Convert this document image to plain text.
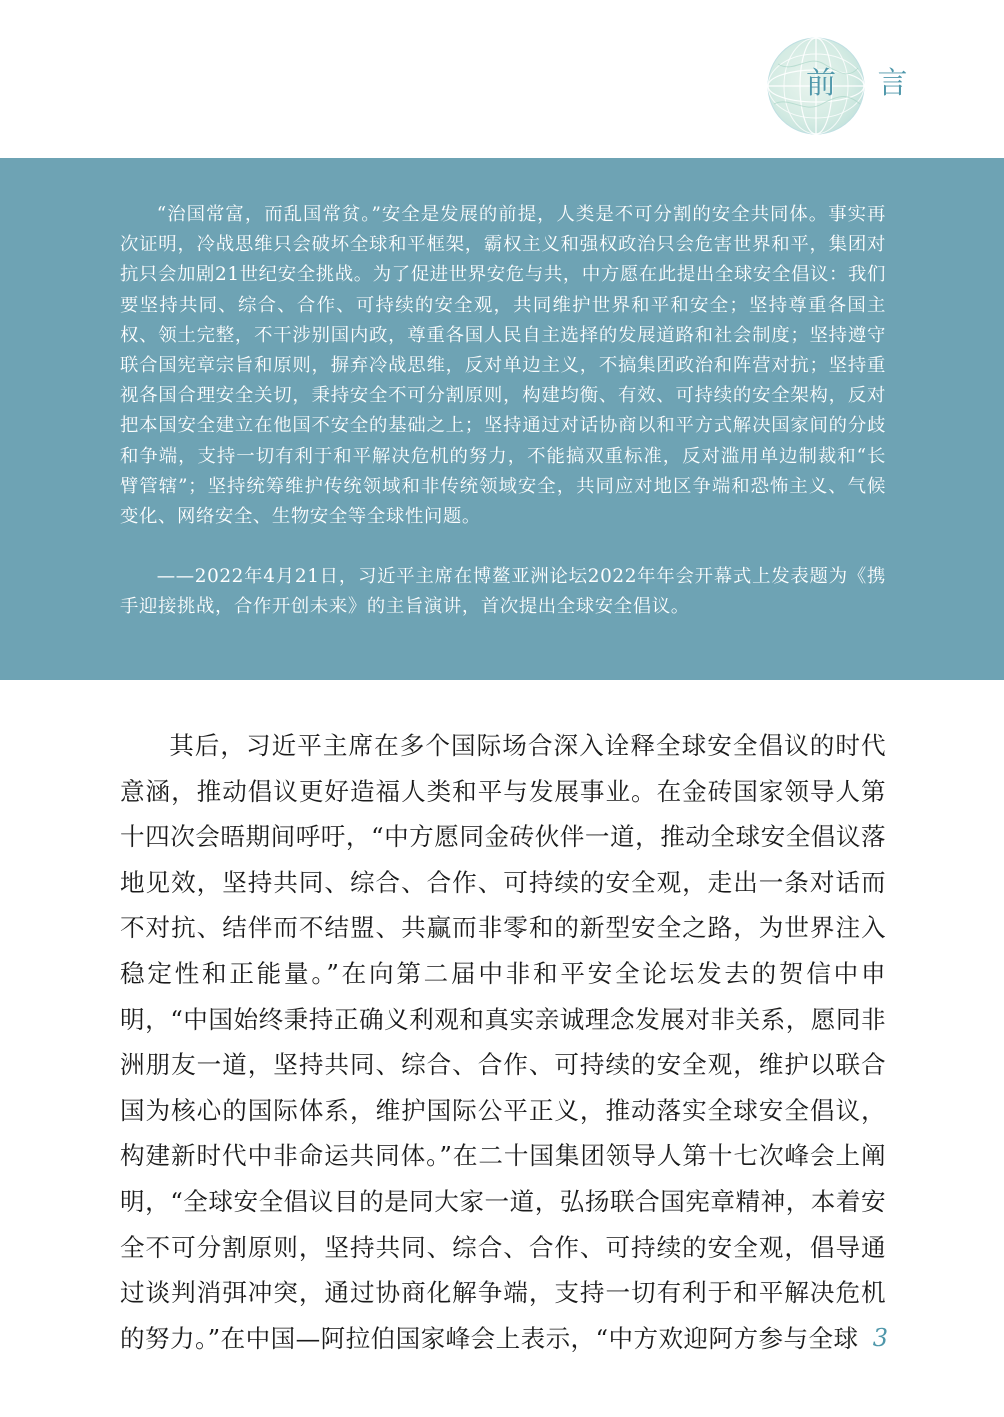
前 言

“治国常富，而乱国常贫。”安全是发展的前提，人类是不可分割的安全共同体。事实再次证明，冷战思维只会破坏全球和平框架，霸权主义和强权政治只会危害世界和平，集团对抗只会加剧21世纪安全挑战。为了促进世界安危与共，中方愿在此提出全球安全倡议：我们要坚持共同、综合、合作、可持续的安全观，共同维护世界和平和安全；坚持尊重各国主权、领土完整，不干涉别国内政，尊重各国人民自主选择的发展道路和社会制度；坚持遵守联合国宪章宗旨和原则，摒弃冷战思维，反对单边主义，不搞集团政治和阵营对抗；坚持重视各国合理安全关切，秉持安全不可分割原则，构建均衡、有效、可持续的安全架构，反对把本国安全建立在他国不安全的基础之上；坚持通过对话协商以和平方式解决国家间的分歧和争端，支持一切有利于和平解决危机的努力，不能搞双重标准，反对滥用单边制裁和“长臂管辖”；坚持统筹维护传统领域和非传统领域安全，共同应对地区争端和恐怖主义、气候变化、网络安全、生物安全等全球性问题。

——2022年4月21日，习近平主席在博鳌亚洲论坛2022年年会开幕式上发表题为《携手迎接挑战，合作开创未来》的主旨演讲，首次提出全球安全倡议。

其后，习近平主席在多个国际场合深入诠释全球安全倡议的时代意涵，推动倡议更好造福人类和平与发展事业。在金砖国家领导人第十四次会晤期间呼吁，“中方愿同金砖伙伴一道，推动全球安全倡议落地见效，坚持共同、综合、合作、可持续的安全观，走出一条对话而不对抗、结伴而不结盟、共赢而非零和的新型安全之路，为世界注入稳定性和正能量。”在向第二届中非和平安全论坛发去的贺信中申明，“中国始终秉持正确义利观和真实亲诚理念发展对非关系，愿同非洲朋友一道，坚持共同、综合、合作、可持续的安全观，维护以联合国为核心的国际体系，维护国际公平正义，推动落实全球安全倡议，构建新时代中非命运共同体。”在二十国集团领导人第十七次峰会上阐明，“全球安全倡议目的是同大家一道，弘扬联合国宪章精神，本着安全不可分割原则，坚持共同、综合、合作、可持续的安全观，倡导通过谈判消弭冲突，通过协商化解争端，支持一切有利于和平解决危机的努力。”在中国—阿拉伯国家峰会上表示，“中方欢迎阿方参与全球 3
